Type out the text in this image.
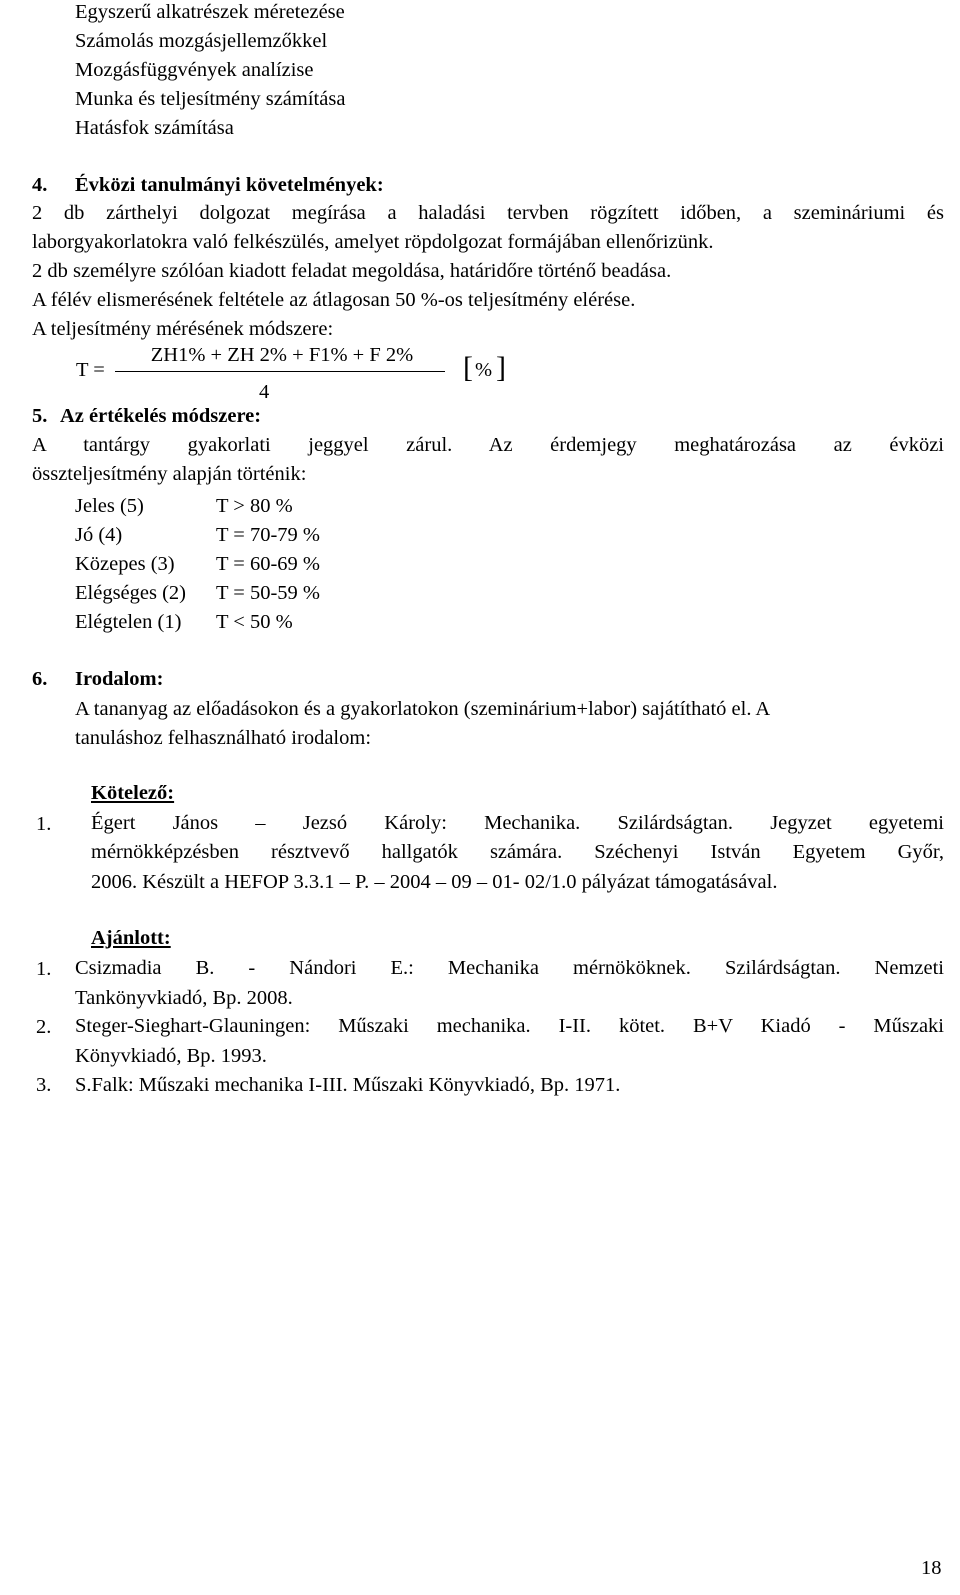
Egyszerű alkatrészek méretezése
Számolás mozgásjellemzőkkel
Mozgásfüggvények analízise
Munka és teljesítmény számítása
Hatásfok számítása
4. Évközi tanulmányi követelmények:
2 db zárthelyi dolgozat megírása a haladási tervben rögzített időben, a szemináriumi és
laborgyakorlatokra való felkészülés, amelyet röpdolgozat formájában ellenőrizünk.
2 db személyre szólóan kiadott feladat megoldása, határidőre történő beadása.
A félév elismerésének feltétele az átlagosan 50 %-os teljesítmény elérése.
A teljesítmény mérésének módszere:
T =
ZH1% + ZH 2% + F1% + F 2%
4
[ % ]
5. Az értékelés módszere:
A tantárgy gyakorlati jeggyel zárul. Az érdemjegy meghatározása az évközi
összteljesítmény alapján történik:
Jeles (5)	T > 80 %
Jó (4)	T = 70-79 %
Közepes (3) T = 60-69 %
Elégséges (2) T = 50-59 %
Elégtelen (1) T < 50 %
6. Irodalom:
A tananyag az előadásokon és a gyakorlatokon (szeminárium+labor) sajátítható el. A
tanuláshoz felhasználható irodalom:
Kötelező:
1. Égert János – Jezsó Károly: Mechanika. Szilárdságtan. Jegyzet egyetemi
mérnökképzésben résztvevő hallgatók számára. Széchenyi István Egyetem Győr,
2006. Készült a HEFOP 3.3.1 – P. – 2004 – 09 – 01- 02/1.0 pályázat támogatásával.
Ajánlott:
1. Csizmadia B. - Nándori E.: Mechanika mérnököknek. Szilárdságtan. Nemzeti
Tankönyvkiadó, Bp. 2008.
2. Steger-Sieghart-Glauningen: Műszaki mechanika. I-II. kötet. B+V Kiadó - Műszaki
Könyvkiadó, Bp. 1993.
3. S.Falk: Műszaki mechanika I-III. Műszaki Könyvkiadó, Bp. 1971.
18
